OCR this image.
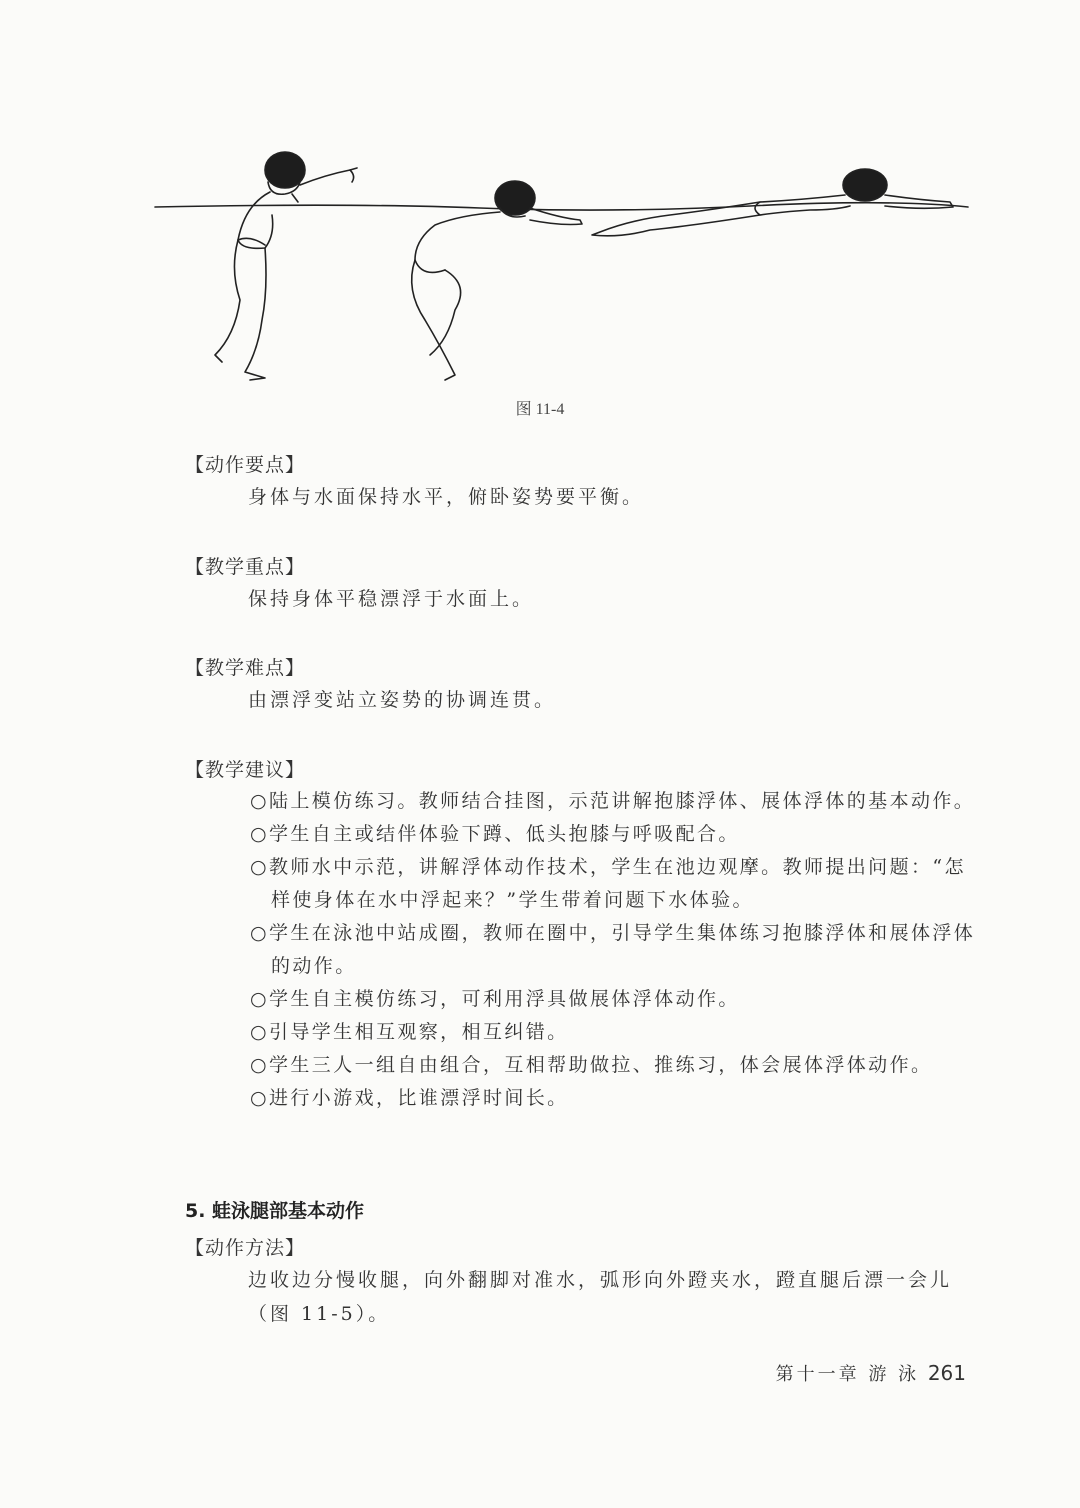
图 11-4
【动作要点】
身体与水面保持水平，俯卧姿势要平衡。
【教学重点】
保持身体平稳漂浮于水面上。
【教学难点】
由漂浮变站立姿势的协调连贯。
【教学建议】
○陆上模仿练习。教师结合挂图，示范讲解抱膝浮体、展体浮体的基本动作。
○学生自主或结伴体验下蹲、低头抱膝与呼吸配合。
○教师水中示范，讲解浮体动作技术，学生在池边观摩。教师提出问题：“怎样使身体在水中浮起来？”学生带着问题下水体验。
○学生在泳池中站成圈，教师在圈中，引导学生集体练习抱膝浮体和展体浮体的动作。
○学生自主模仿练习，可利用浮具做展体浮体动作。
○引导学生相互观察，相互纠错。
○学生三人一组自由组合，互相帮助做拉、推练习，体会展体浮体动作。
○进行小游戏，比谁漂浮时间长。
5. 蛙泳腿部基本动作
【动作方法】
边收边分慢收腿，向外翻脚对准水，弧形向外蹬夹水，蹬直腿后漂一会儿（图 11-5）。
第十一章 游 泳 261
